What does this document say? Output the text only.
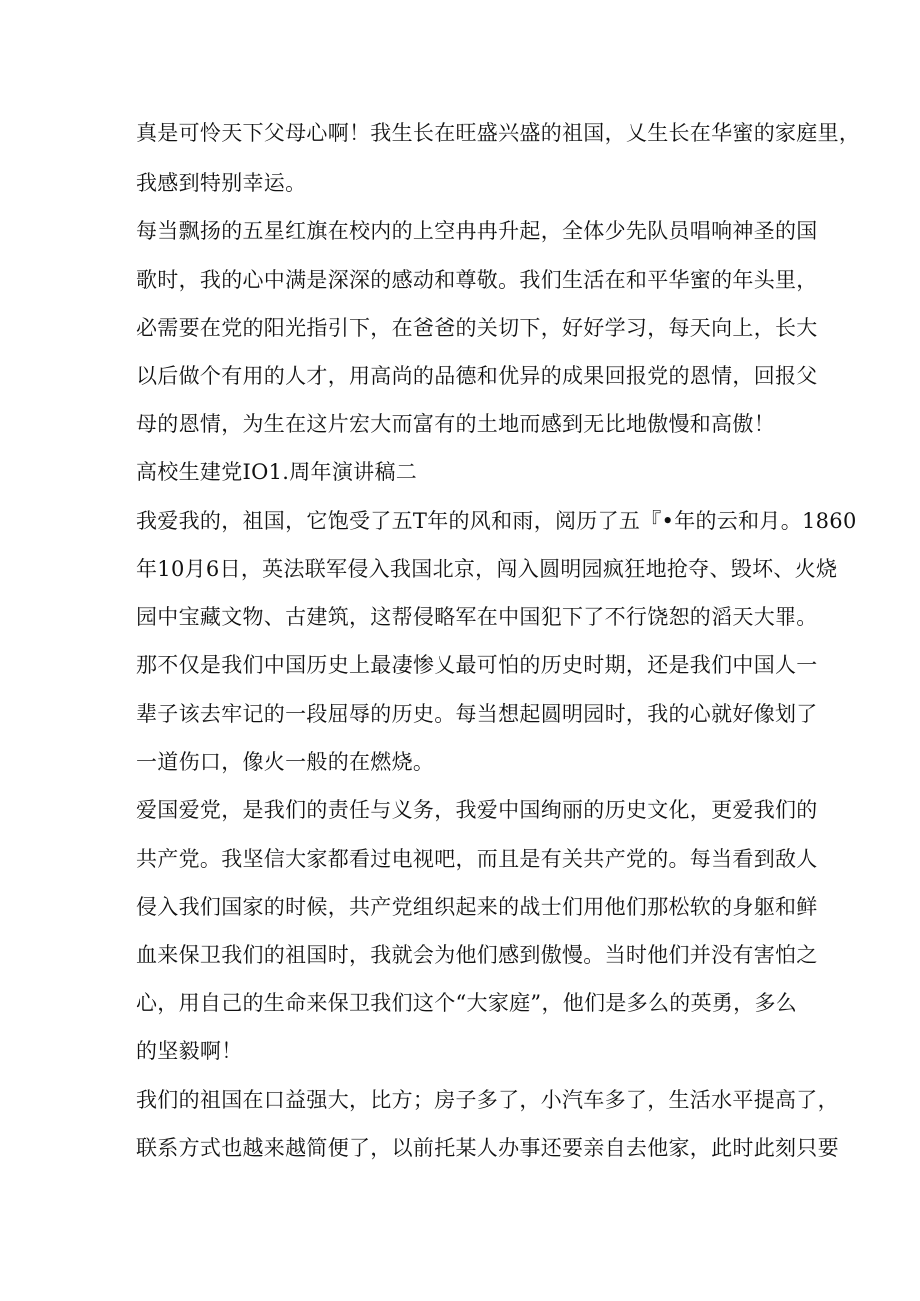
真是可怜天下父母心啊！我生长在旺盛兴盛的祖国，乂生长在华蜜的家庭里，
我感到特别幸运。
每当飘扬的五星红旗在校内的上空冉冉升起，全体少先队员唱响神圣的国
歌时，我的心中满是深深的感动和尊敬。我们生活在和平华蜜的年头里，
必需要在党的阳光指引下，在爸爸的关切下，好好学习，每天向上，长大
以后做个有用的人才，用高尚的品德和优异的成果回报党的恩情，回报父
母的恩情，为生在这片宏大而富有的土地而感到无比地傲慢和高傲！
高校生建党IO1.周年演讲稿二
我爱我的，祖国，它饱受了五T年的风和雨，阅历了五『•年的云和月。1860
年10月6日，英法联军侵入我国北京，闯入圆明园疯狂地抢夺、毁坏、火烧
园中宝藏文物、古建筑，这帮侵略军在中国犯下了不行饶恕的滔天大罪。
那不仅是我们中国历史上最凄惨乂最可怕的历史时期，还是我们中国人一
辈子该去牢记的一段屈辱的历史。每当想起圆明园时，我的心就好像划了
一道伤口，像火一般的在燃烧。
爱国爱党，是我们的责任与义务，我爱中国绚丽的历史文化，更爱我们的
共产党。我坚信大家都看过电视吧，而且是有关共产党的。每当看到敌人
侵入我们国家的时候，共产党组织起来的战士们用他们那松软的身躯和鲜
血来保卫我们的祖国时，我就会为他们感到傲慢。当时他们并没有害怕之
心，用自己的生命来保卫我们这个“大家庭”，他们是多么的英勇，多么
的坚毅啊！
我们的祖国在口益强大，比方；房子多了，小汽车多了，生活水平提高了，
联系方式也越来越简便了，以前托某人办事还要亲自去他家，此时此刻只要
